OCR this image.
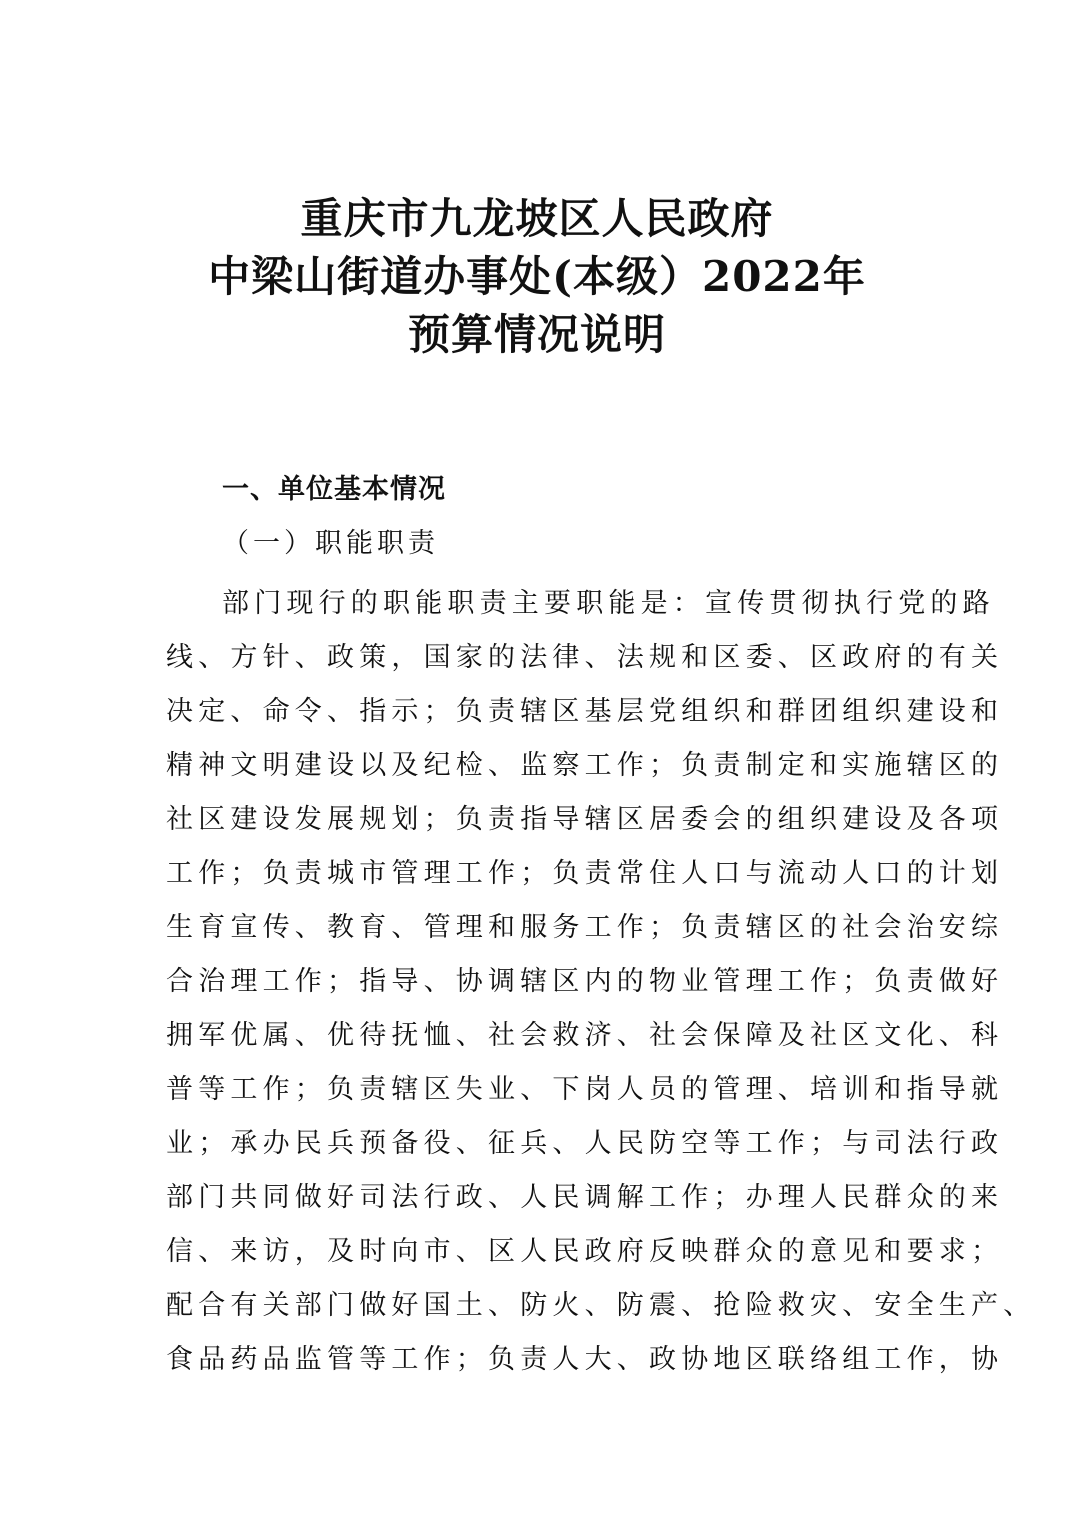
重庆市九龙坡区人民政府
中梁山街道办事处(本级）2022年
预算情况说明
一、单位基本情况
（一）职能职责
部门现行的职能职责主要职能是：宣传贯彻执行党的路
线、方针、政策，国家的法律、法规和区委、区政府的有关
决定、命令、指示；负责辖区基层党组织和群团组织建设和
精神文明建设以及纪检、监察工作；负责制定和实施辖区的
社区建设发展规划；负责指导辖区居委会的组织建设及各项
工作；负责城市管理工作；负责常住人口与流动人口的计划
生育宣传、教育、管理和服务工作；负责辖区的社会治安综
合治理工作；指导、协调辖区内的物业管理工作；负责做好
拥军优属、优待抚恤、社会救济、社会保障及社区文化、科
普等工作；负责辖区失业、下岗人员的管理、培训和指导就
业；承办民兵预备役、征兵、人民防空等工作；与司法行政
部门共同做好司法行政、人民调解工作；办理人民群众的来
信、来访，及时向市、区人民政府反映群众的意见和要求；
配合有关部门做好国土、防火、防震、抢险救灾、安全生产、
食品药品监管等工作；负责人大、政协地区联络组工作，协
